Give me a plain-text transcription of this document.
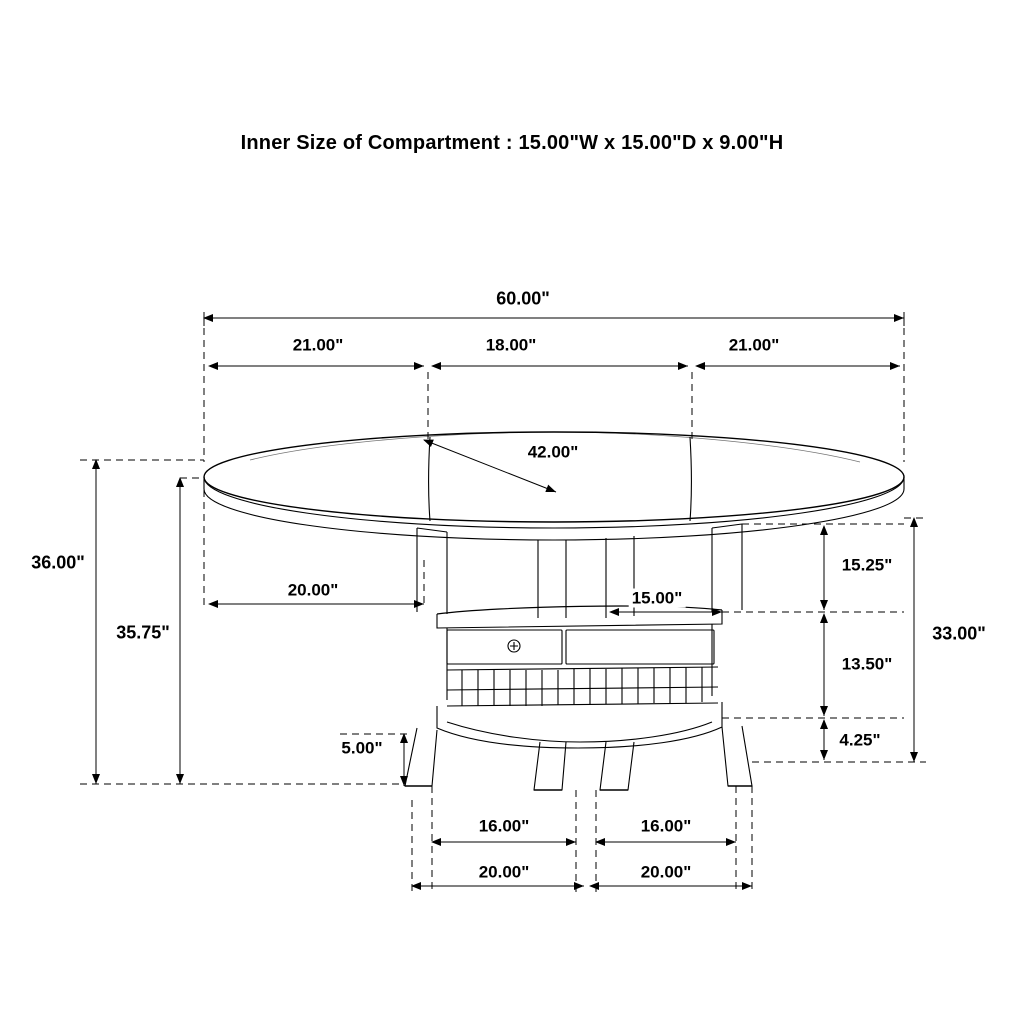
Inner Size of Compartment : 15.00"W x 15.00"D x 9.00"H
60.00"
21.00"	18.00"	21.00"
42.00"
36.00"
35.75"
20.00"	15.00"
15.25"
13.50"
4.25"
33.00"
5.00"
16.00"	16.00"
20.00"	20.00"
